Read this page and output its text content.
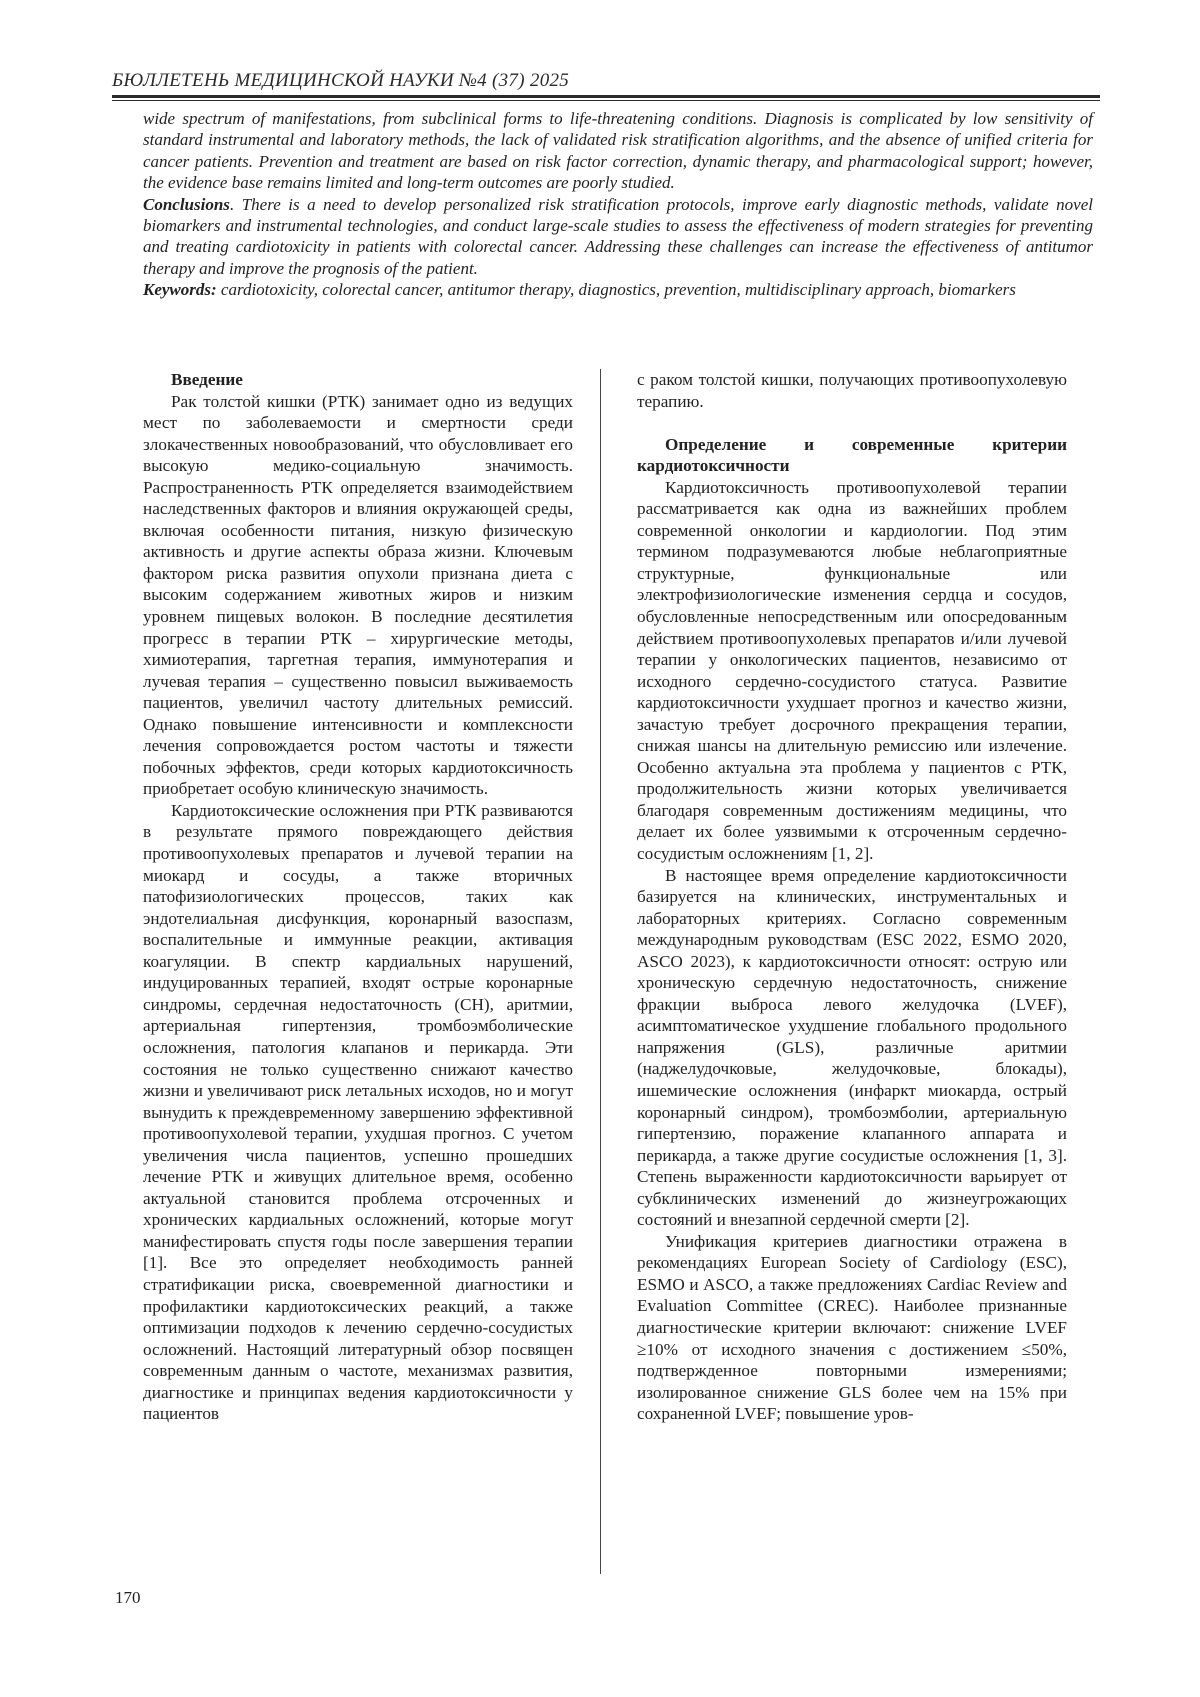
БЮЛЛЕТЕНЬ МЕДИЦИНСКОЙ НАУКИ №4 (37) 2025

wide spectrum of manifestations, from subclinical forms to life-threatening conditions. Diagnosis is complicated by low sensitivity of standard instrumental and laboratory methods, the lack of validated risk stratification algorithms, and the absence of unified criteria for cancer patients. Prevention and treatment are based on risk factor correction, dynamic therapy, and pharmacological support; however, the evidence base remains limited and long-term outcomes are poorly studied.

Conclusions. There is a need to develop personalized risk stratification protocols, improve early diagnostic methods, validate novel biomarkers and instrumental technologies, and conduct large-scale studies to assess the effectiveness of modern strategies for preventing and treating cardiotoxicity in patients with colorectal cancer. Addressing these challenges can increase the effectiveness of antitumor therapy and improve the prognosis of the patient.

Keywords: cardiotoxicity, colorectal cancer, antitumor therapy, diagnostics, prevention, multidisciplinary approach, biomarkers

Введение

Рак толстой кишки (РТК) занимает одно из ведущих мест по заболеваемости и смертности среди злокачественных новообразований, что обусловливает его высокую медико-социальную значимость. Распространенность РТК определяется взаимодействием наследственных факторов и влияния окружающей среды, включая особенности питания, низкую физическую активность и другие аспекты образа жизни. Ключевым фактором риска развития опухоли признана диета с высоким содержанием животных жиров и низким уровнем пищевых волокон. В последние десятилетия прогресс в терапии РТК – хирургические методы, химиотерапия, таргетная терапия, иммунотерапия и лучевая терапия – существенно повысил выживаемость пациентов, увеличил частоту длительных ремиссий. Однако повышение интенсивности и комплексности лечения сопровождается ростом частоты и тяжести побочных эффектов, среди которых кардиотоксичность приобретает особую клиническую значимость.

Кардиотоксические осложнения при РТК развиваются в результате прямого повреждающего действия противоопухолевых препаратов и лучевой терапии на миокард и сосуды, а также вторичных патофизиологических процессов, таких как эндотелиальная дисфункция, коронарный вазоспазм, воспалительные и иммунные реакции, активация коагуляции. В спектр кардиальных нарушений, индуцированных терапией, входят острые коронарные синдромы, сердечная недостаточность (СН), аритмии, артериальная гипертензия, тромбоэмболические осложнения, патология клапанов и перикарда. Эти состояния не только существенно снижают качество жизни и увеличивают риск летальных исходов, но и могут вынудить к преждевременному завершению эффективной противоопухолевой терапии, ухудшая прогноз. С учетом увеличения числа пациентов, успешно прошедших лечение РТК и живущих длительное время, особенно актуальной становится проблема отсроченных и хронических кардиальных осложнений, которые могут манифестировать спустя годы после завершения терапии [1]. Все это определяет необходимость ранней стратификации риска, своевременной диагностики и профилактики кардиотоксических реакций, а также оптимизации подходов к лечению сердечно-сосудистых осложнений. Настоящий литературный обзор посвящен современным данным о частоте, механизмах развития, диагностике и принципах ведения кардиотоксичности у пациентов

с раком толстой кишки, получающих противоопухолевую терапию.

Определение и современные критерии кардиотоксичности

Кардиотоксичность противоопухолевой терапии рассматривается как одна из важнейших проблем современной онкологии и кардиологии. Под этим термином подразумеваются любые неблагоприятные структурные, функциональные или электрофизиологические изменения сердца и сосудов, обусловленные непосредственным или опосредованным действием противоопухолевых препаратов и/или лучевой терапии у онкологических пациентов, независимо от исходного сердечно-сосудистого статуса. Развитие кардиотоксичности ухудшает прогноз и качество жизни, зачастую требует досрочного прекращения терапии, снижая шансы на длительную ремиссию или излечение. Особенно актуальна эта проблема у пациентов с РТК, продолжительность жизни которых увеличивается благодаря современным достижениям медицины, что делает их более уязвимыми к отсроченным сердечно-сосудистым осложнениям [1, 2].

В настоящее время определение кардиотоксичности базируется на клинических, инструментальных и лабораторных критериях. Согласно современным международным руководствам (ESC 2022, ESMO 2020, ASCO 2023), к кардиотоксичности относят: острую или хроническую сердечную недостаточность, снижение фракции выброса левого желудочка (LVEF), асимптоматическое ухудшение глобального продольного напряжения (GLS), различные аритмии (наджелудочковые, желудочковые, блокады), ишемические осложнения (инфаркт миокарда, острый коронарный синдром), тромбоэмболии, артериальную гипертензию, поражение клапанного аппарата и перикарда, а также другие сосудистые осложнения [1, 3]. Степень выраженности кардиотоксичности варьирует от субклинических изменений до жизнеугрожающих состояний и внезапной сердечной смерти [2].

Унификация критериев диагностики отражена в рекомендациях European Society of Cardiology (ESC), ESMO и ASCO, а также предложениях Cardiac Review and Evaluation Committee (CREC). Наиболее признанные диагностические критерии включают: снижение LVEF ≥10% от исходного значения с достижением ≤50%, подтвержденное повторными измерениями; изолированное снижение GLS более чем на 15% при сохраненной LVEF; повышение уров-

170
